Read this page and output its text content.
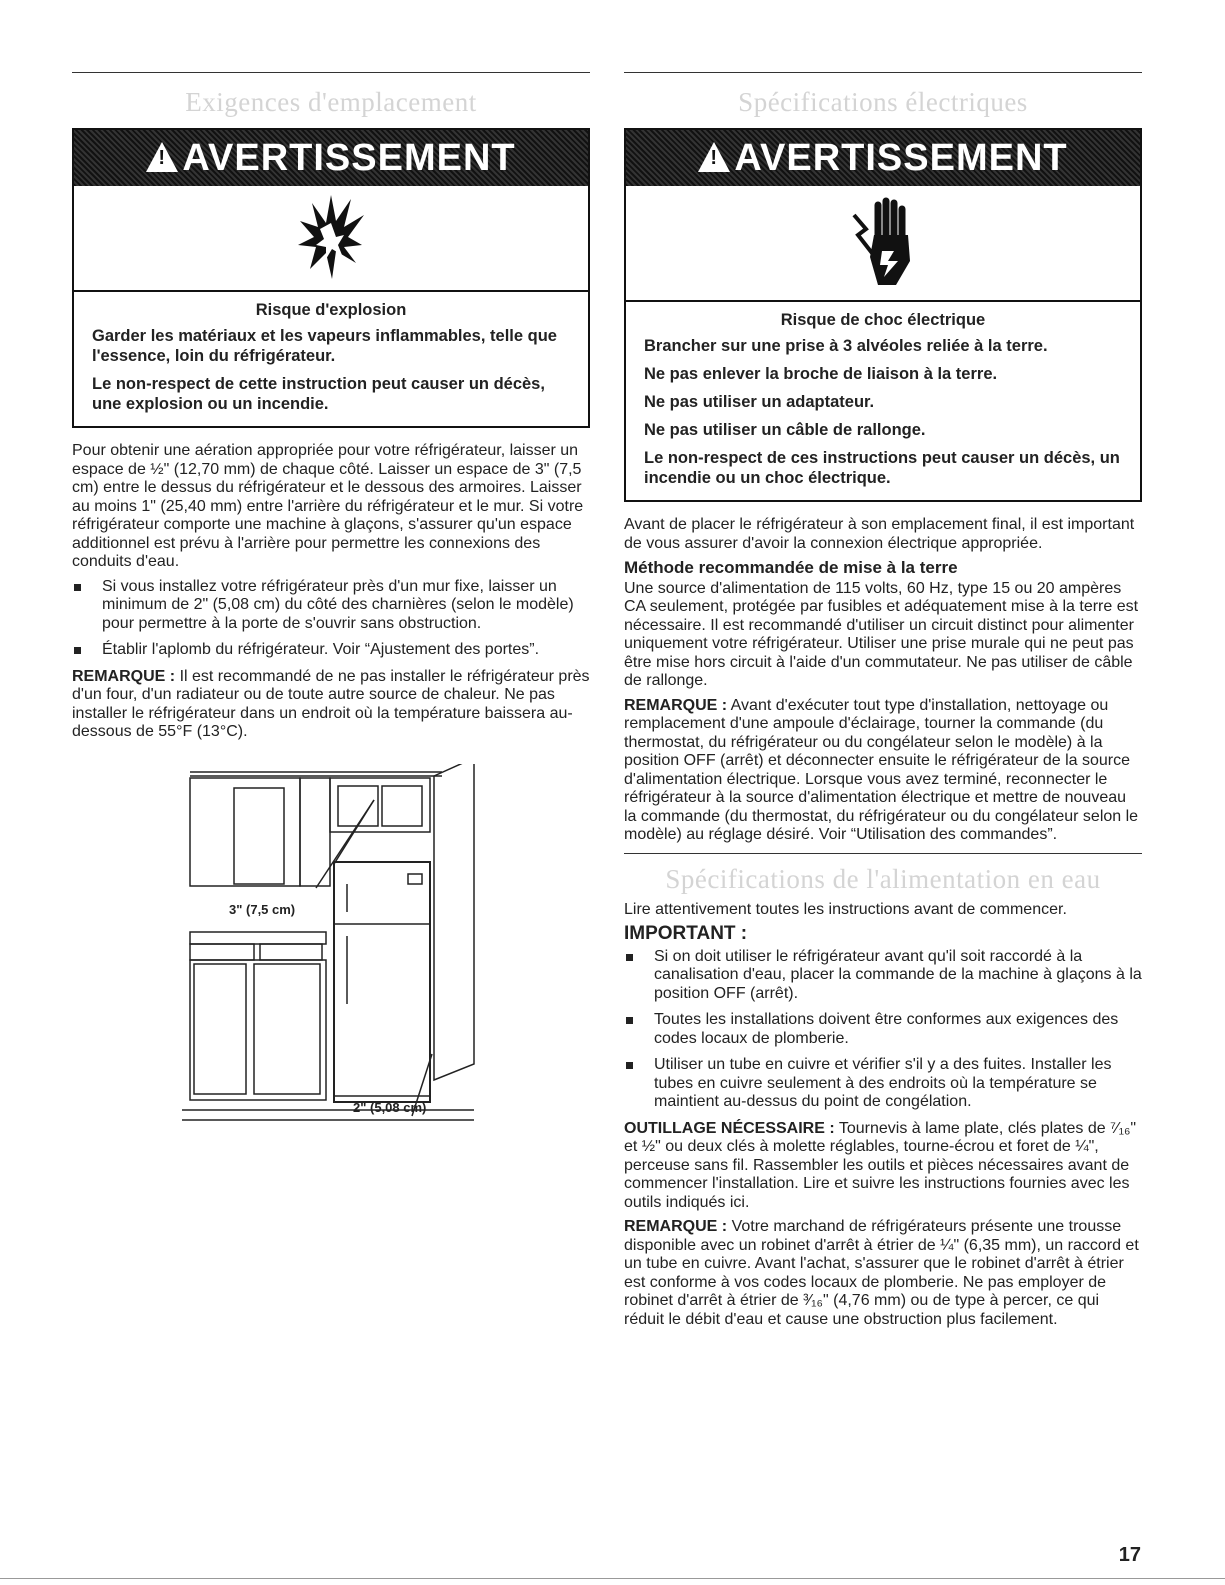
Exigences d'emplacement
!AVERTISSEMENT
Risque d'explosion

Garder les matériaux et les vapeurs inflammables, telle que l'essence, loin du réfrigérateur.

Le non-respect de cette instruction peut causer un décès, une explosion ou un incendie.

Pour obtenir une aération appropriée pour votre réfrigérateur, laisser un espace de ½" (12,70 mm) de chaque côté. Laisser un espace de 3" (7,5 cm) entre le dessus du réfrigérateur et le dessous des armoires. Laisser au moins 1" (25,40 mm) entre l'arrière du réfrigérateur et le mur. Si votre réfrigérateur comporte une machine à glaçons, s'assurer qu'un espace additionnel est prévu à l'arrière pour permettre les connexions des conduits d'eau.

Si vous installez votre réfrigérateur près d'un mur fixe, laisser un minimum de 2" (5,08 cm) du côté des charnières (selon le modèle) pour permettre à la porte de s'ouvrir sans obstruction.
Établir l'aplomb du réfrigérateur. Voir “Ajustement des portes”.

REMARQUE : Il est recommandé de ne pas installer le réfrigérateur près d'un four, d'un radiateur ou de toute autre source de chaleur. Ne pas installer le réfrigérateur dans un endroit où la température baissera au-dessous de 55°F (13°C).

3" (7,5 cm)
2" (5,08 cm)
Spécifications électriques
!AVERTISSEMENT
Risque de choc électrique

Brancher sur une prise à 3 alvéoles reliée à la terre.

Ne pas enlever la broche de liaison à la terre.

Ne pas utiliser un adaptateur.

Ne pas utiliser un câble de rallonge.

Le non-respect de ces instructions peut causer un décès, un incendie ou un choc électrique.

Avant de placer le réfrigérateur à son emplacement final, il est important de vous assurer d'avoir la connexion électrique appropriée.

Méthode recommandée de mise à la terre

Une source d'alimentation de 115 volts, 60 Hz, type 15 ou 20 ampères CA seulement, protégée par fusibles et adéquatement mise à la terre est nécessaire. Il est recommandé d'utiliser un circuit distinct pour alimenter uniquement votre réfrigérateur. Utiliser une prise murale qui ne peut pas être mise hors circuit à l'aide d'un commutateur. Ne pas utiliser de câble de rallonge.

REMARQUE : Avant d'exécuter tout type d'installation, nettoyage ou remplacement d'une ampoule d'éclairage, tourner la commande (du thermostat, du réfrigérateur ou du congélateur selon le modèle) à la position OFF (arrêt) et déconnecter ensuite le réfrigérateur de la source d'alimentation électrique. Lorsque vous avez terminé, reconnecter le réfrigérateur à la source d'alimentation électrique et mettre de nouveau la commande (du thermostat, du réfrigérateur ou du congélateur selon le modèle) au réglage désiré. Voir “Utilisation des commandes”.

Spécifications de l'alimentation en eau

Lire attentivement toutes les instructions avant de commencer.

IMPORTANT :
Si on doit utiliser le réfrigérateur avant qu'il soit raccordé à la canalisation d'eau, placer la commande de la machine à glaçons à la position OFF (arrêt).
Toutes les installations doivent être conformes aux exigences des codes locaux de plomberie.
Utiliser un tube en cuivre et vérifier s'il y a des fuites. Installer les tubes en cuivre seulement à des endroits où la température se maintient au-dessus du point de congélation.

OUTILLAGE NÉCESSAIRE : Tournevis à lame plate, clés plates de ⁷⁄₁₆" et ½" ou deux clés à molette réglables, tourne-écrou et foret de ¼", perceuse sans fil. Rassembler les outils et pièces nécessaires avant de commencer l'installation. Lire et suivre les instructions fournies avec les outils indiqués ici.

REMARQUE : Votre marchand de réfrigérateurs présente une trousse disponible avec un robinet d'arrêt à étrier de ¼" (6,35 mm), un raccord et un tube en cuivre. Avant l'achat, s'assurer que le robinet d'arrêt à étrier est conforme à vos codes locaux de plomberie. Ne pas employer de robinet d'arrêt à étrier de ³⁄₁₆" (4,76 mm) ou de type à percer, ce qui réduit le débit d'eau et cause une obstruction plus facilement.

17
